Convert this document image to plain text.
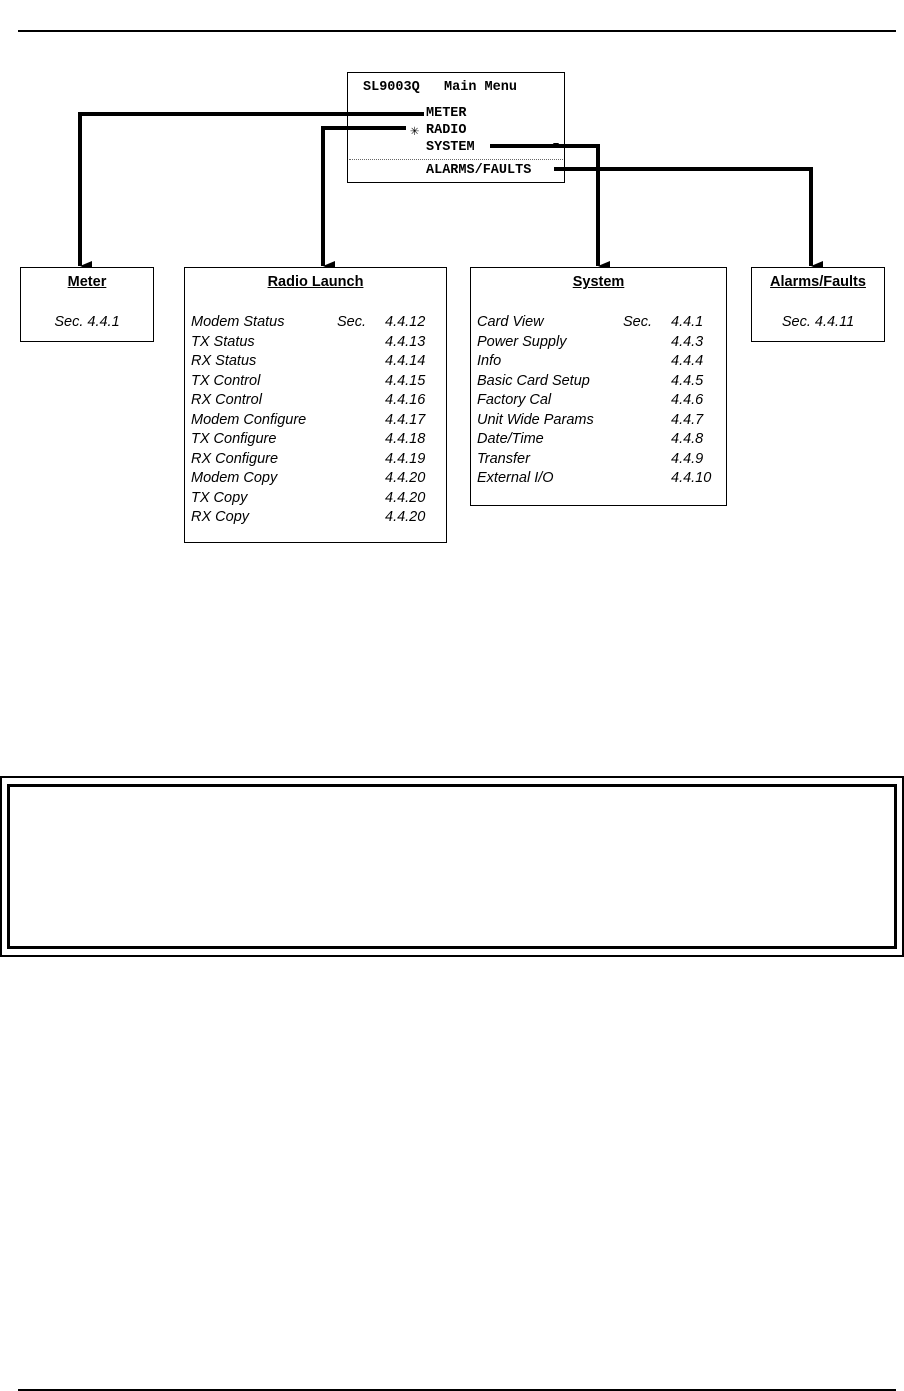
SL9003Q   Main Menu
METER
✳ RADIO
SYSTEM
ALARMS/FAULTS
Meter
Sec. 4.4.1
Radio Launch
Modem Status	Sec. 4.4.12
TX Status	4.4.13
RX Status	4.4.14
TX Control	4.4.15
RX Control	4.4.16
Modem Configure	4.4.17
TX Configure	4.4.18
RX Configure	4.4.19
Modem Copy	4.4.20
TX Copy	4.4.20
RX Copy	4.4.20
System
Card View	Sec. 4.4.1
Power Supply	4.4.3
Info	4.4.4
Basic Card Setup	4.4.5
Factory Cal	4.4.6
Unit Wide Params	4.4.7
Date/Time	4.4.8
Transfer	4.4.9
External I/O	4.4.10
Alarms/Faults
Sec. 4.4.11
